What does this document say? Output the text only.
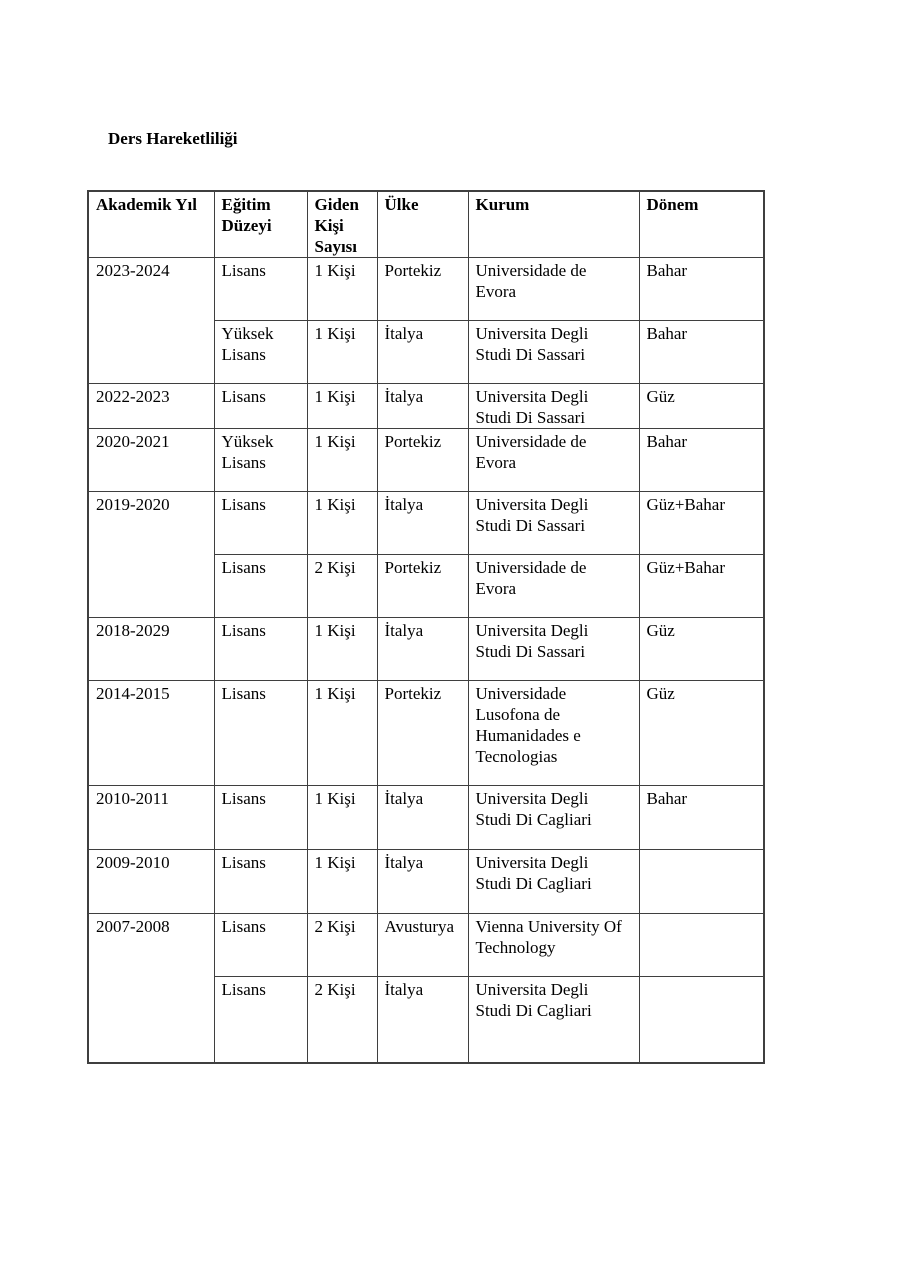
Ders Hareketliliği
Akademik Yıl	Eğitim Düzeyi	Giden Kişi Sayısı	Ülke	Kurum	Dönem
2023-2024	Lisans	1 Kişi	Portekiz	Universidade de Evora	Bahar
	Yüksek Lisans	1 Kişi	İtalya	Universita Degli Studi Di Sassari	Bahar
2022-2023	Lisans	1 Kişi	İtalya	Universita Degli Studi Di Sassari	Güz
2020-2021	Yüksek Lisans	1 Kişi	Portekiz	Universidade de Evora	Bahar
2019-2020	Lisans	1 Kişi	İtalya	Universita Degli Studi Di Sassari	Güz+Bahar
	Lisans	2 Kişi	Portekiz	Universidade de Evora	Güz+Bahar
2018-2029	Lisans	1 Kişi	İtalya	Universita Degli Studi Di Sassari	Güz
2014-2015	Lisans	1 Kişi	Portekiz	Universidade Lusofona de Humanidades e Tecnologias	Güz
2010-2011	Lisans	1 Kişi	İtalya	Universita Degli Studi Di Cagliari	Bahar
2009-2010	Lisans	1 Kişi	İtalya	Universita Degli Studi Di Cagliari	
2007-2008	Lisans	2 Kişi	Avusturya	Vienna University Of Technology	
	Lisans	2 Kişi	İtalya	Universita Degli Studi Di Cagliari	
